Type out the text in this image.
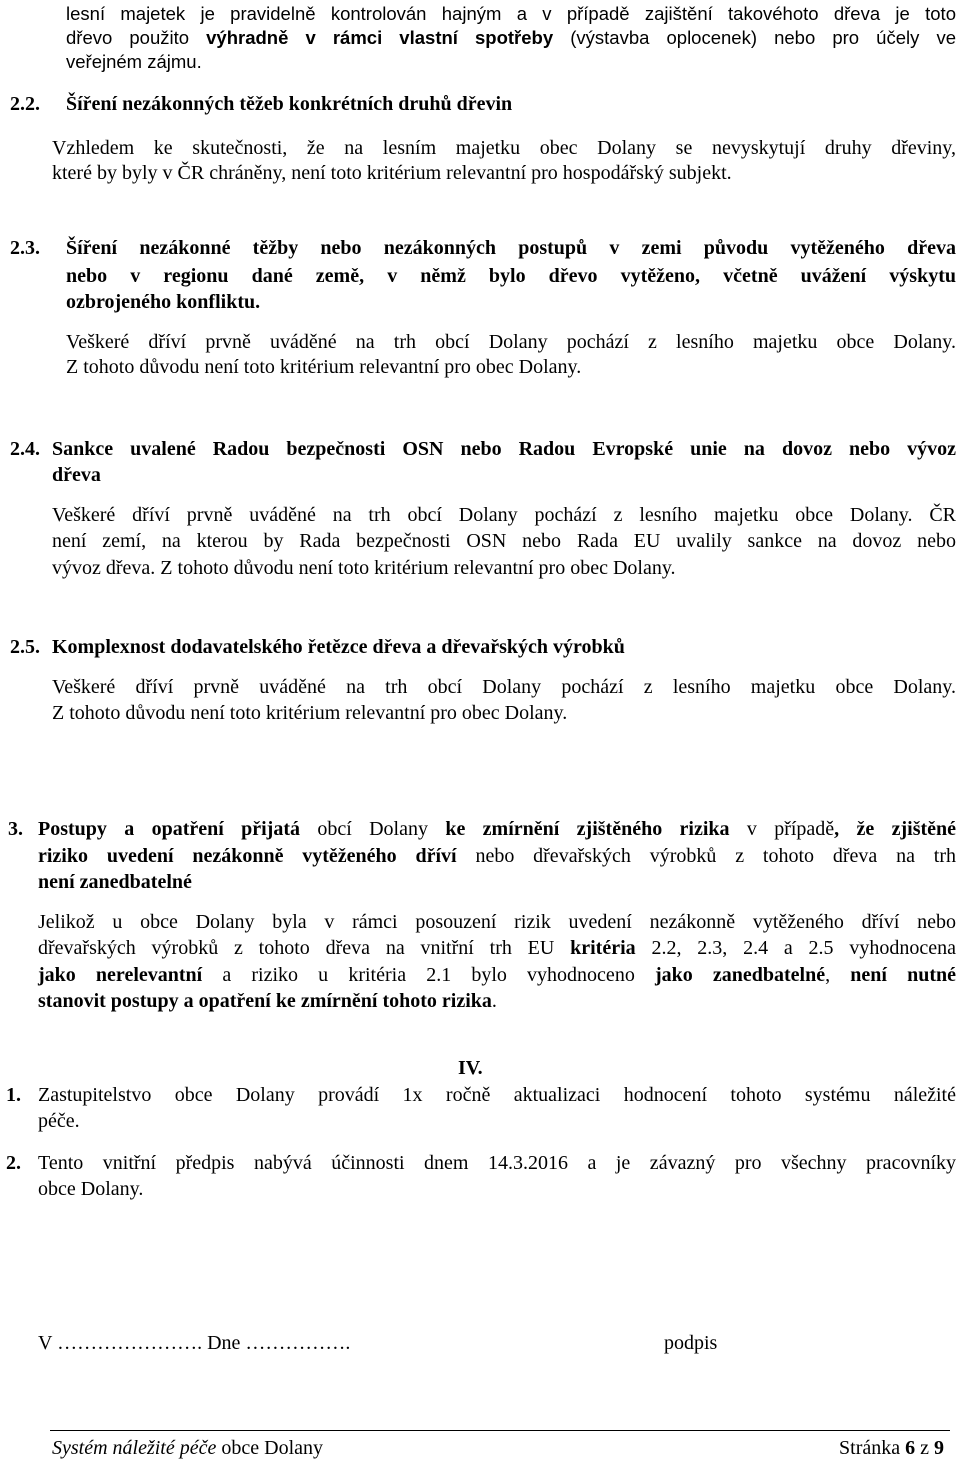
lesní majetek je pravidelně kontrolován hajným a v případě zajištění takovéhoto dřeva je toto
dřevo použito výhradně v rámci vlastní spotřeby (výstavba oplocenek) nebo pro účely ve
veřejném zájmu.
2.2. Šíření nezákonných těžeb konkrétních druhů dřevin
Vzhledem ke skutečnosti, že na lesním majetku obec Dolany se nevyskytují druhy dřeviny,
které by byly v ČR chráněny, není toto kritérium relevantní pro hospodářský subjekt.
2.3. Šíření nezákonné těžby nebo nezákonných postupů v zemi původu vytěženého dřeva
nebo v regionu dané země, v němž bylo dřevo vytěženo, včetně uvážení výskytu
ozbrojeného konfliktu.
Veškeré dříví prvně uváděné na trh obcí Dolany pochází z lesního majetku obce Dolany.
Z tohoto důvodu není toto kritérium relevantní pro obec Dolany.
2.4. Sankce uvalené Radou bezpečnosti OSN nebo Radou Evropské unie na dovoz nebo vývoz
dřeva
Veškeré dříví prvně uváděné na trh obcí Dolany pochází z lesního majetku obce Dolany. ČR
není zemí, na kterou by Rada bezpečnosti OSN nebo Rada EU uvalily sankce na dovoz nebo
vývoz dřeva. Z tohoto důvodu není toto kritérium relevantní pro obec Dolany.
2.5. Komplexnost dodavatelského řetězce dřeva a dřevařských výrobků
Veškeré dříví prvně uváděné na trh obcí Dolany pochází z lesního majetku obce Dolany.
Z tohoto důvodu není toto kritérium relevantní pro obec Dolany.
3. Postupy a opatření přijatá obcí Dolany ke zmírnění zjištěného rizika v případě, že zjištěné
riziko uvedení nezákonně vytěženého dříví nebo dřevařských výrobků z tohoto dřeva na trh
není zanedbatelné
Jelikož u obce Dolany byla v rámci posouzení rizik uvedení nezákonně vytěženého dříví nebo
dřevařských výrobků z tohoto dřeva na vnitřní trh EU kritéria 2.2, 2.3, 2.4 a 2.5 vyhodnocena
jako nerelevantní a riziko u kritéria 2.1 bylo vyhodnoceno jako zanedbatelné, není nutné
stanovit postupy a opatření ke zmírnění tohoto rizika.
IV.
1. Zastupitelstvo obce Dolany provádí 1x ročně aktualizaci hodnocení tohoto systému náležité
péče.
2. Tento vnitřní předpis nabývá účinnosti dnem 14.3.2016 a je závazný pro všechny pracovníky
obce Dolany.
V …………………. Dne …………….	podpis
Systém náležité péče obce Dolany	Stránka 6 z 9
